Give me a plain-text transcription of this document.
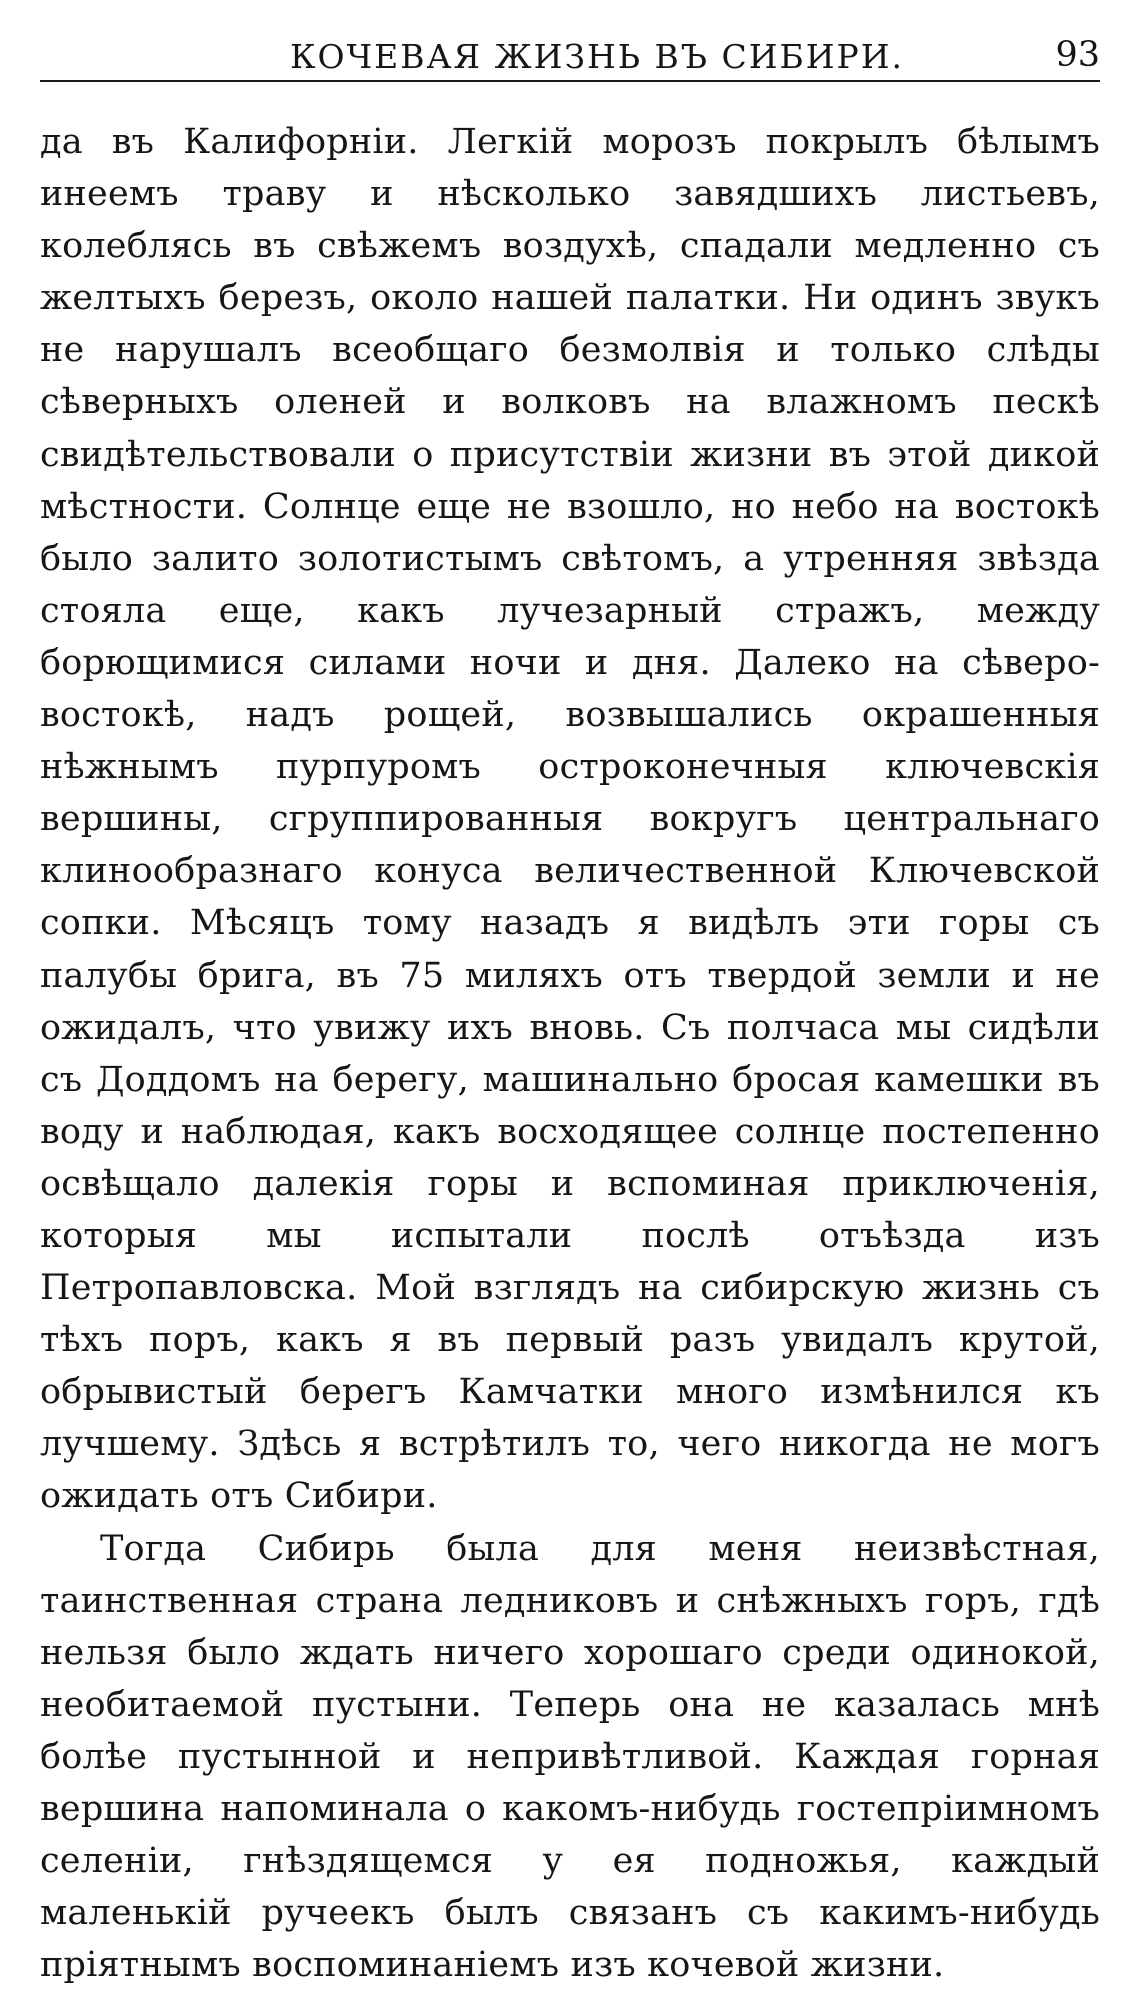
КОЧЕВАЯ ЖИЗНЬ ВЪ СИБИРИ.	93

да въ Калифорніи. Легкій морозъ покрылъ бѣлымъ инеемъ траву и нѣсколько завядшихъ листьевъ, колеблясь въ свѣжемъ воздухѣ, спадали медленно съ желтыхъ березъ, около нашей палатки. Ни одинъ звукъ не нарушалъ всеобщаго безмолвія и только слѣды сѣверныхъ оленей и волковъ на влажномъ пескѣ свидѣтельствовали о присутствіи жизни въ этой дикой мѣстности. Солнце еще не взошло, но небо на востокѣ было залито золотистымъ свѣтомъ, а утренняя звѣзда стояла еще, какъ лучезарный стражъ, между борющимися силами ночи и дня. Далеко на сѣверо-востокѣ, надъ рощей, возвышались окрашенныя нѣжнымъ пурпуромъ остроконечныя ключевскія вершины, сгруппированныя вокругъ центральнаго клинообразнаго конуса величественной Ключевской сопки. Мѣсяцъ тому назадъ я видѣлъ эти горы съ палубы брига, въ 75 миляхъ отъ твердой земли и не ожидалъ, что увижу ихъ вновь. Съ полчаса мы сидѣли съ Доддомъ на берегу, машинально бросая камешки въ воду и наблюдая, какъ восходящее солнце постепенно освѣщало далекія горы и вспоминая приключенія, которыя мы испытали послѣ отъѣзда изъ Петропавловска. Мой взглядъ на сибирскую жизнь съ тѣхъ поръ, какъ я въ первый разъ увидалъ крутой, обрывистый берегъ Камчатки много измѣнился къ лучшему. Здѣсь я встрѣтилъ то, чего никогда не могъ ожидать отъ Сибири.

Тогда Сибирь была для меня неизвѣстная, таинственная страна ледниковъ и снѣжныхъ горъ, гдѣ нельзя было ждать ничего хорошаго среди одинокой, необитаемой пустыни. Теперь она не казалась мнѣ болѣе пустынной и непривѣтливой. Каждая горная вершина напоминала о какомъ-нибудь гостепріимномъ селеніи, гнѣздящемся у ея подножья, каждый маленькій ручеекъ былъ связанъ съ какимъ-нибудь пріятнымъ воспоминаніемъ изъ кочевой жизни.
